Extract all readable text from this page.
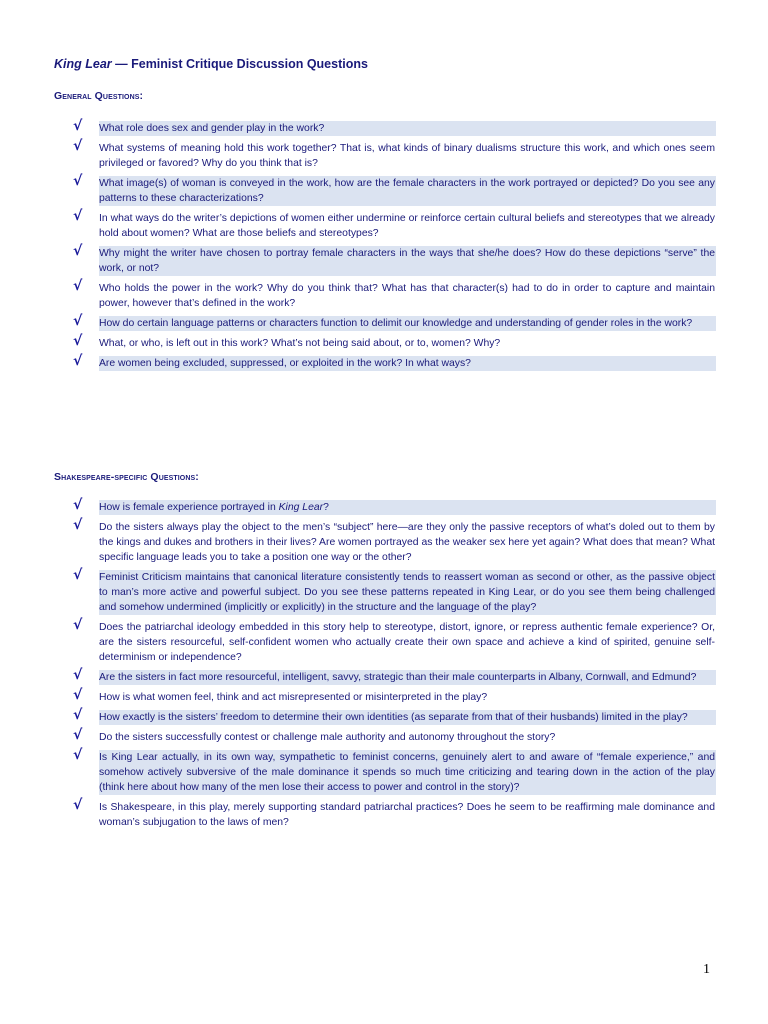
King Lear — Feminist Critique Discussion Questions
General Questions:
√ What role does sex and gender play in the work?
√ What systems of meaning hold this work together? That is, what kinds of binary dualisms structure this work, and which ones seem privileged or favored? Why do you think that is?
√ What image(s) of woman is conveyed in the work, how are the female characters in the work portrayed or depicted? Do you see any patterns to these characterizations?
√ In what ways do the writer’s depictions of women either undermine or reinforce certain cultural beliefs and stereotypes that we already hold about women? What are those beliefs and stereotypes?
√ Why might the writer have chosen to portray female characters in the ways that she/he does? How do these depictions “serve” the work, or not?
√ Who holds the power in the work? Why do you think that? What has that character(s) had to do in order to capture and maintain power, however that’s defined in the work?
√ How do certain language patterns or characters function to delimit our knowledge and understanding of gender roles in the work?
√ What, or who, is left out in this work? What’s not being said about, or to, women? Why?
√ Are women being excluded, suppressed, or exploited in the work? In what ways?
Shakespeare-specific Questions:
√ How is female experience portrayed in King Lear?
√ Do the sisters always play the object to the men’s “subject” here—are they only the passive receptors of what’s doled out to them by the kings and dukes and brothers in their lives? Are women portrayed as the weaker sex here yet again? What does that mean? What specific language leads you to take a position one way or the other?
√ Feminist Criticism maintains that canonical literature consistently tends to reassert woman as second or other, as the passive object to man’s more active and powerful subject. Do you see these patterns repeated in King Lear, or do you see them being challenged and somehow undermined (implicitly or explicitly) in the structure and the language of the play?
√ Does the patriarchal ideology embedded in this story help to stereotype, distort, ignore, or repress authentic female experience? Or, are the sisters resourceful, self-confident women who actually create their own space and achieve a kind of spirited, genuine self-determinism or independence?
√ Are the sisters in fact more resourceful, intelligent, savvy, strategic than their male counterparts in Albany, Cornwall, and Edmund?
√ How is what women feel, think and act misrepresented or misinterpreted in the play?
√ How exactly is the sisters’ freedom to determine their own identities (as separate from that of their husbands) limited in the play?
√ Do the sisters successfully contest or challenge male authority and autonomy throughout the story?
√ Is King Lear actually, in its own way, sympathetic to feminist concerns, genuinely alert to and aware of “female experience,” and somehow actively subversive of the male dominance it spends so much time criticizing and tearing down in the action of the play (think here about how many of the men lose their access to power and control in the story)?
√ Is Shakespeare, in this play, merely supporting standard patriarchal practices? Does he seem to be reaffirming male dominance and woman’s subjugation to the laws of men?
1
